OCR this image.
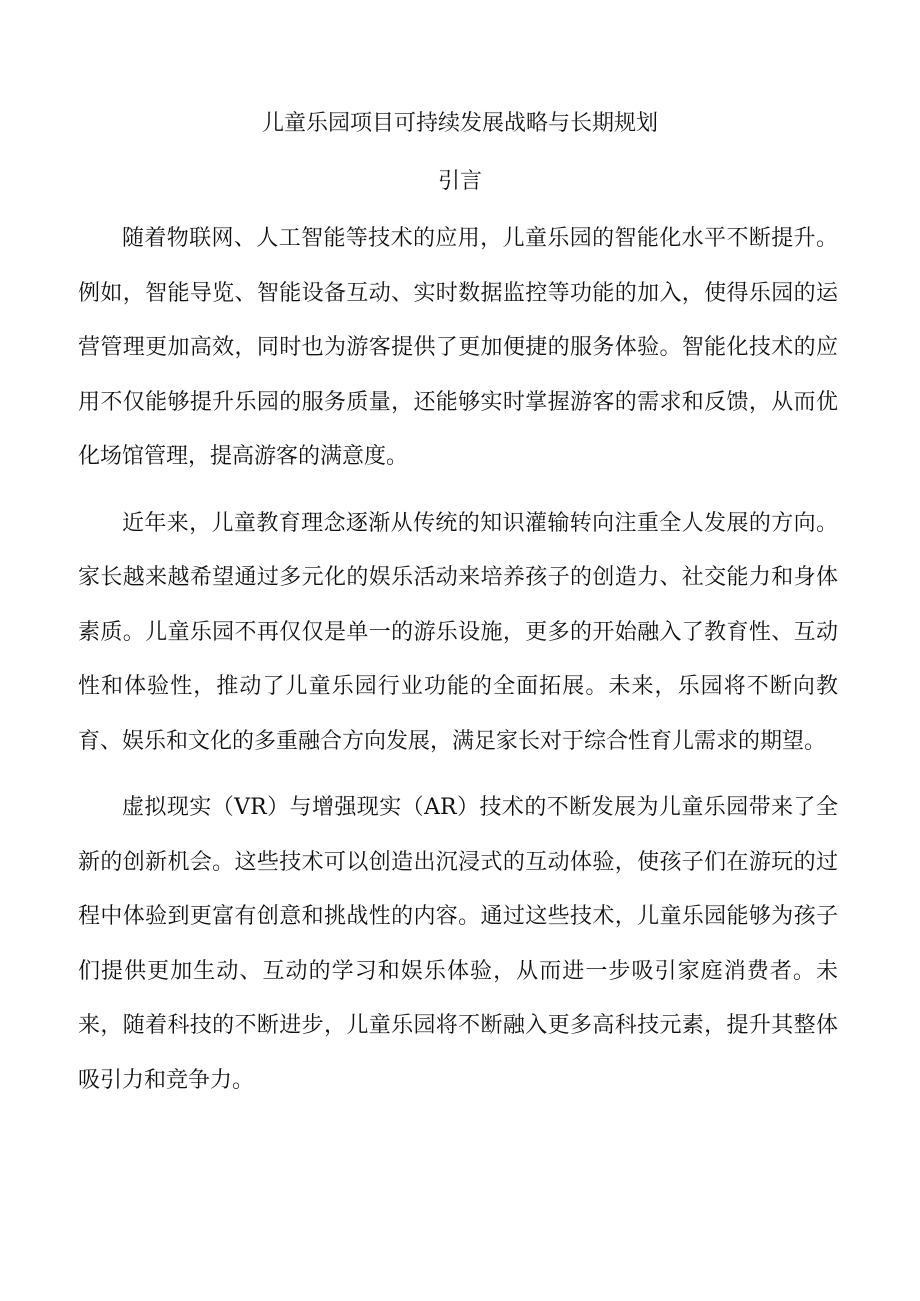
儿童乐园项目可持续发展战略与长期规划
引言

随着物联网、人工智能等技术的应用，儿童乐园的智能化水平不断提升。例如，智能导览、智能设备互动、实时数据监控等功能的加入，使得乐园的运营管理更加高效，同时也为游客提供了更加便捷的服务体验。智能化技术的应用不仅能够提升乐园的服务质量，还能够实时掌握游客的需求和反馈，从而优化场馆管理，提高游客的满意度。

近年来，儿童教育理念逐渐从传统的知识灌输转向注重全人发展的方向。家长越来越希望通过多元化的娱乐活动来培养孩子的创造力、社交能力和身体素质。儿童乐园不再仅仅是单一的游乐设施，更多的开始融入了教育性、互动性和体验性，推动了儿童乐园行业功能的全面拓展。未来，乐园将不断向教育、娱乐和文化的多重融合方向发展，满足家长对于综合性育儿需求的期望。

虚拟现实（VR）与增强现实（AR）技术的不断发展为儿童乐园带来了全新的创新机会。这些技术可以创造出沉浸式的互动体验，使孩子们在游玩的过程中体验到更富有创意和挑战性的内容。通过这些技术，儿童乐园能够为孩子们提供更加生动、互动的学习和娱乐体验，从而进一步吸引家庭消费者。未来，随着科技的不断进步，儿童乐园将不断融入更多高科技元素，提升其整体吸引力和竞争力。
